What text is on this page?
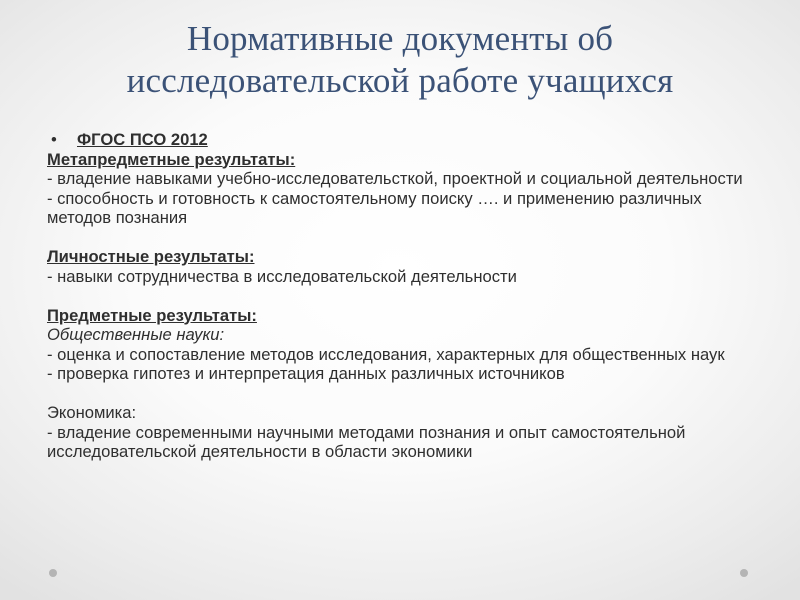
Нормативные документы об
исследовательской работе учащихся
• ФГОС ПСО 2012
Метапредметные результаты:
- владение навыками учебно-исследовательсткой, проектной и социальной деятельности
- способность и готовность к самостоятельному поиску …. и применению различных методов познания
Личностные результаты:
- навыки сотрудничества в исследовательской деятельности
Предметные результаты:
Общественные науки:
- оценка и сопоставление методов исследования, характерных для общественных наук
- проверка гипотез и интерпретация данных различных источников
Экономика:
- владение современными научными методами познания и опыт самостоятельной исследовательской деятельности в области экономики
